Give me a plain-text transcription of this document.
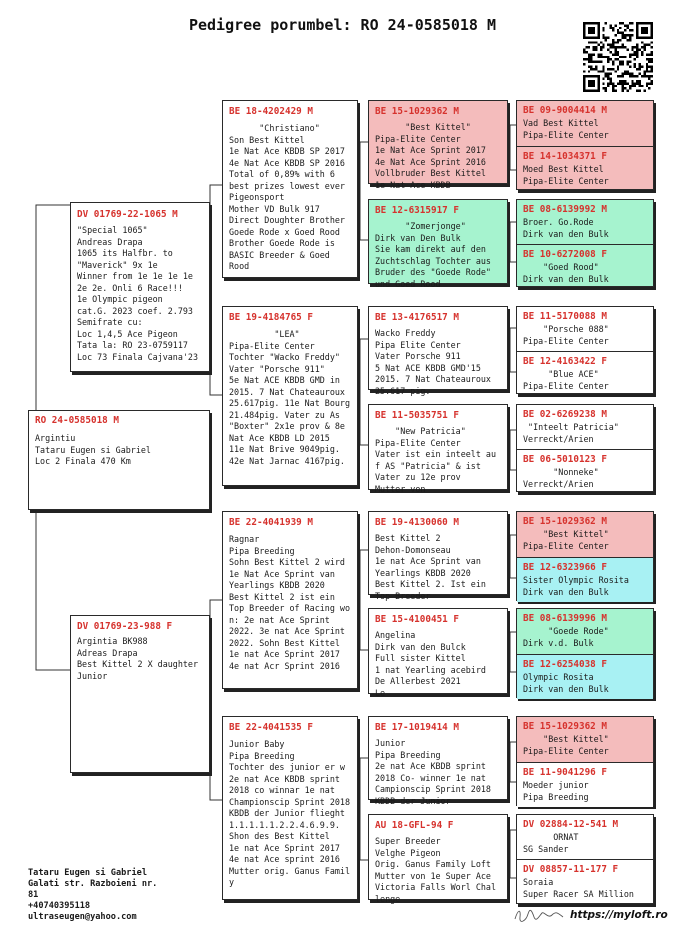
Pedigree porumbel: RO 24-0585018 M
RO 24-0585018 M
Argintiu
Tataru Eugen si Gabriel
Loc 2 Finala 470 Km
DV 01769-22-1065 M
"Special 1065"
Andreas Drapa
1065 its Halfbr. to
"Maverick" 9x 1e
Winner from 1e 1e 1e 1e
2e 2e. Onli 6 Race!!!
1e Olympic pigeon
cat.G. 2023 coef. 2.793
Semifrate cu:
Loc 1,4,5 Ace Pigeon
Tata la: RO 23-0759117
Loc 73 Finala Cajvana'23
DV 01769-23-988 F
Argintia BK988
Adreas Drapa
Best Kittel 2 X daughter
Junior
BE 18-4202429 M
"Christiano"
Son Best Kittel
1e Nat Ace KBDB SP 2017
4e Nat Ace KBDB SP 2016
Total of 0,89% with 6
best prizes lowest ever
Pigeonsport
Mother VD Bulk 917
Direct Doughter Brother
Goede Rode x Goed Rood
Brother Goede Rode is
BASIC Breeder & Goed Rood
BE 19-4184765 F
"LEA"
Pipa-Elite Center
Tochter "Wacko Freddy"
Vater "Porsche 911"
5e Nat ACE KBDB GMD in
2015. 7 Nat Chateauroux
25.617pig. 11e Nat Bourg
21.484pig. Vater zu As
"Boxter" 2x1e prov & 8e
Nat Ace KBDB LD 2015
11e Nat Brive 9049pig.
42e Nat Jarnac 4167pig.
BE 22-4041939 M
Ragnar
Pipa Breeding
Sohn Best Kittel 2 wird
1e Nat Ace Sprint van
Yearlings KBDB 2020
Best Kittel 2 ist ein
Top Breeder of Racing wo
n: 2e nat Ace Sprint
2022. 3e nat Ace Sprint
2022. Sohn Best Kittel
1e nat Ace Sprint 2017
4e nat Acr Sprint 2016
BE 22-4041535 F
Junior Baby
Pipa Breeding
Tochter des junior er w
2e nat Ace KBDB sprint
2018 co winnar 1e nat
Championscip Sprint 2018
KBDB der Junior flieght
1.1.1.1.1.2.2.4.6.9.9.
Shon des Best Kittel
1e nat Ace Sprint 2017
4e nat Ace sprint 2016
Mutter orig. Ganus Famil
y
BE 15-1029362 M
"Best Kittel"
Pipa-Elite Center
1e Nat Ace Sprint 2017
4e Nat Ace Sprint 2016
Vollbruder Best Kittel
1e Nat Ace KBDB
BE 12-6315917 F
"Zomerjonge"
Dirk van Den Bulk
Sie kam direkt auf den
Zuchtschlag Tochter aus
Bruder des "Goede Rode"
und Goed Rood
BE 13-4176517 M
Wacko Freddy
Pipa Elite Center
Vater Porsche 911
5 Nat ACE KBDB GMD'15
2015. 7 Nat Chateauroux
25.617 pig.
BE 11-5035751 F
"New Patricia"
Pipa-Elite Center
Vater ist ein inteelt au
f AS "Patricia" & ist
Vater zu 12e prov
Mutter von
BE 19-4130060 M
Best Kittel 2
Dehon-Domonseau
1e nat Ace Sprint van
Yearlings KBDB 2020
Best Kittel 2. Ist ein
Top Breeder
BE 15-4100451 F
Angelina
Dirk van den Bulck
Full sister Kittel
1 nat Yearling acebird
De Allerbest 2021
Le
BE 17-1019414 M
Junior
Pipa Breeding
2e nat Ace KBDB sprint
2018 Co- winner 1e nat
Campionscip Sprint 2018
KBDB der Junior
AU 18-GFL-94 F
Super Breeder
Velghe Pigeon
Orig. Ganus Family Loft
Mutter von 1e Super Ace
Victoria Falls Worl Chal
lenge
BE 09-9004414 M
Vad Best Kittel
Pipa-Elite Center
BE 14-1034371 F
Moed Best Kittel
Pipa-Elite Center
BE 08-6139992 M
Broer. Go.Rode
Dirk van den Bulk
BE 10-6272008 F
"Goed Rood"
Dirk van den Bulk
BE 11-5170088 M
"Porsche 088"
Pipa-Elite Center
BE 12-4163422 F
"Blue ACE"
Pipa-Elite Center
BE 02-6269238 M
"Inteelt Patricia"
Verreckt/Arien
BE 06-5010123 F
"Nonneke"
Verreckt/Arien
BE 15-1029362 M
"Best Kittel"
Pipa-Elite Center
BE 12-6323966 F
Sister Olympic Rosita
Dirk van den Bulk
BE 08-6139996 M
"Goede Rode"
Dirk v.d. Bulk
BE 12-6254038 F
Olympic Rosita
Dirk van den Bulk
BE 15-1029362 M
"Best Kittel"
Pipa-Elite Center
BE 11-9041296 F
Moeder junior
Pipa Breeding
DV 02884-12-541 M
ORNAT
SG Sander
DV 08857-11-177 F
Soraia
Super Racer SA Million
Tataru Eugen si Gabriel
Galati str. Razboieni nr.
81
+40740395118
ultraseugen@yahoo.com	https://myloft.ro
